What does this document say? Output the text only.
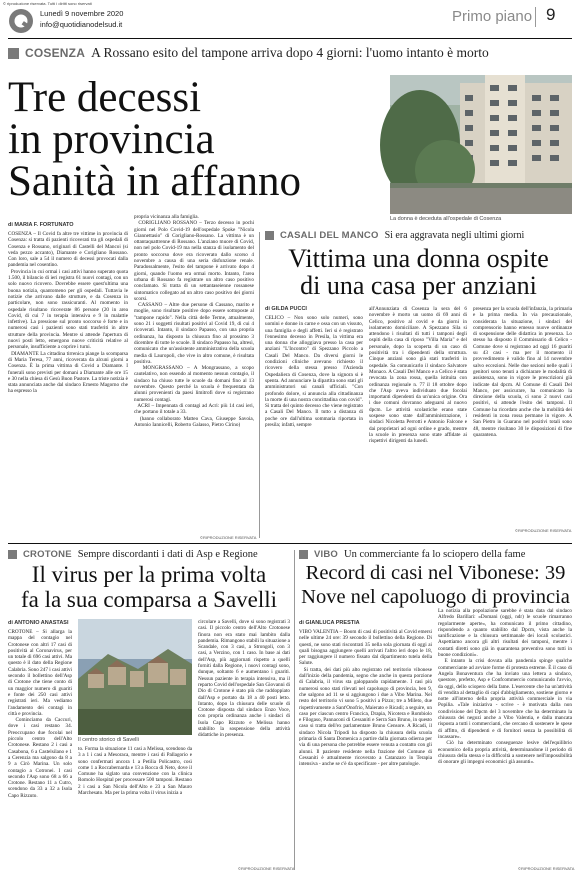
© riproduzione riservata. Tutti i diritti sono riservati
Lunedì 9 novembre 2020
info@quotidianodelsud.it	Primo piano 9
COSENZA A Rossano esito del tampone arriva dopo 4 giorni: l'uomo intanto è morto
Tre decessi
in provincia
Sanità in affanno
La donna è deceduta all'ospedale di Cosenza
di MARIA F. FORTUNATO
COSENZA – Il Covid fa altre tre vittime in provincia di Cosenza: si tratta di pazienti ricoverati tra gli ospedali di Cosenza e Rossano, originari di Castelli del Mancoi (si veda pezzo accanto), Diamante e Corigliano Rossano. Con loro, sale a 54 il numero di decessi provocati dalla pandemia nel cosentino.
Provincia in cui ormai i casi attivi hanno superato quota 1.500, il bilancio di ieri registra 61 nuovi contagi, con un solo nuovo ricovero. Dovrebbe essere quest'ultima una buona notizia, quantomeno per gli ospedali. Tuttavia le notizie che arrivano dalle strutture, e da Cosenza in particolare, non sono rassicuranti. Al momento in ospedale risultano ricoverate 86 persone (20 in area Covid, di cui 7 in terapia intensiva e 9 in malattie infettive). La pressione sul pronto soccorso è forte e in numerosi casi i pazienti sono stati trasferiti in altre strutture della provincia. Mentre si attende l'apertura di nuovi posti letto, emergono nuove criticità relative al personale, insufficiente a coprire i turni.
DIAMANTE La cittadina tirrenica piange la scomparsa di Maria Teresa, 77 anni, ricoverata da alcuni giorni a Cosenza. È la prima vittima di Covid a Diamante. I funerali sono previsti per domani a Diamante alle ore 15 e 30 nella chiesa di Gesù Buon Pastore. La triste notizia è stata annunciata anche dal sindaco Ernesto Magorno che ha espresso la
propria vicinanza alla famiglia.
CORIGLIANO ROSSANO – Terzo decesso in pochi giorni nel Polo Covid-19 dell'ospedale Spoke "Nicola Giannettasio" di Corigliano-Rossano. La vittima è un ottantaquattrenne di Rossano. L'anziano muore di Covid, non nel polo Covid-19 ma nella stanza di isolamento del pronto soccorso dove era ricoverato dallo scorso 4 novembre a causa di una seria disfunzione renale. Paradossalmente, l'esito del tampone è arrivato dopo 4 giorni, quando l'uomo era ormai morto. Intanto, l'area urbana di Rossano fa registrare un altro caso positivo conclamato. Si tratta di un settantaseienne rossanese sintomatico collegato ad un altro caso positivo dei giorni scorsi.
CASSANO – Altre due persone di Cassano, marito e moglie, sono risultate positive dopo essere sottoposte al "tampone rapido". Nella città delle Terme, attualmente, sono 21 i soggetti risultati positivi al Covid 19, di cui 4 ricoverati. Intanto, il sindaco Papasso, con una propria ordinanza, ha disposto la chiusura fino al prossimo 3 dicembre di tutte le scuole. Il sindaco Papasso ha, altresì, comunicato che un'assistente amministrativa della scuola media di Lauropoli, che vive in altro comune, è risultata positiva.
MONGRASSANO – A Mongrassano, a scopo cautelativo, non essendo al momento nessun contagio, il sindaco ha chiuso tutte le scuole da domani fino al 13 novembre. Questo perché la scuola è frequentata da alunni provenienti da paesi limitrofi dove si registrano numerosi contagi.
ACRI – Impennata di contagi ad Acri: più 14 casi ieri, che portano il totale a 33.
(hanno collaborato Matteo Cava, Giuseppe Savoia, Antonio Iannicelli, Roberto Galasso, Pietro Cirino)
©RIPRODUZIONE RISERVATA
CASALI DEL MANCO Si era aggravata negli ultimi giorni
Vittima una donna ospite
di una casa per anziani
di GILDA PUCCI
CELICO – Non sono solo numeri, sono uomini e donne in carne e ossa con un vissuto, una famiglia e degli affetti. Ieri si è registrato l'ennesimo decesso in Presila, la vittima era una donna che alloggiava presso la casa per anziani "L'Incontro" di Spezzano Piccolo a Casali Del Manco. Da diversi giorni le condizioni cliniche avevano richiesto il ricovero della stessa presso l'Azienda Ospedaliera di Cosenza, dove la signora si è spenta. Ad annunciare la dipartita sono stati gli amministratori sui canali ufficiali. "Con profondo dolore, si annuncia alla cittadinanza la morte di una nostra concittadina con covid". Si tratta del quinto decesso che viene registrato a Casali Del Manco. Il tutto a distanza di poche ore dall'ultima sommaria riportata in presila; infatti, sempre
all'Annunziata di Cosenza la sera del 6 novembre è morto un uomo di 69 anni di Celico, positivo al covid e da giorni in isolamento domiciliare. A Spezzano Sila si attendono i risultati di tutti i tamponi degli ospiti della casa di riposo "Villa Maria" e del personale, dopo la scoperta di un caso di positività tra i dipendenti della struttura. Cinque anziani sono già stati trasferiti in ospedale. Sa comunicarlo il sindaco Salvatore Monaco. A Casali Del Manco e a Celico è stata revocata la zona rossa, quella istituita con ordinanza regionale n. 77 il 18 ottobre dopo che l'Asp aveva individuato due focolai importanti dipendenti da un'unica origine. Ora i due comuni dovranno adeguarsi al nuovo dpcm. Le attività scolastiche erano state sospese sono state dall'amministrazione, i sindaci Nicoletta Perrotti e Antonio Falcone e dai proprietari ad ogni ordine e grado, mentre la scuole in presenza sono state affidate ai rispettivi dirigenti da lunedì.
presenza per la scuola dell'infanzia, la primaria e la prima media. In via precauzionale, considerata la situazione, i sindaci del comprensorio hanno emesso nuove ordinanze di sospensione delle didattica in presenza. Lo stesso ha disposto il Commissario di Celico - Comune dove si registrano ad oggi 16 guariti su 43 casi - ma per il momento il provvedimento è valido fino al 14 novembre salvo eccezioni. Nelle due sezioni nelle quali i genitori sono tenuti a dichiarare le modalità di assistenza, sono in vigore le prescrizioni già indicate dal dpcm. Al Comune di Casali Del Manco, per assicurare, ha comunicato la direzione della scuola, ci sono 2 nuovi casi positivi, si attende l'esito dei tamponi. Il Comune ha ricordato anche che la mobilità dei residenti in zona rossa permane in vigore. A San Pietro in Guarano nel positivi totali sono 48, mentre risultano 30 le disposizioni di fine quarantena.
©RIPRODUZIONE RISERVATA
CROTONE Sempre discordanti i dati di Asp e Regione
Il virus per la prima volta
fa la sua comparsa a Savelli
di ANTONIO ANASTASI
CROTONE – Si allarga la mappa del contagio nel Crotonese con altri 17 casi di positività al Coronavirus, per un totale di 696 casi attivi. Ma questo è il dato della Regione Calabria. Sono 247 i casi attivi secondo il bollettino dell'Asp di Crotone che tiene conto di un maggior numero di guariti e fonte dei 250 casi attivi registrati ieri. Ma vediamo l'andamento dei contagi in città e provincia.
Cominciamo da Caccuri, dove i casi restano 34. Preoccupano due focolai nel piccolo centro dell'Alto Crotonese. Restano 2 i casi a Casabona, 6 a Castelsilano e 1 a Cerenzia ma salgono da 8 a 9 a Cirò Marina. Un solo contagio a Cotronei. I casi secondo l'Asp sono 68 a 66 a Crotone. Restano 11 a Cutro, scendono da 33 a 32 a Isola Capo Rizzuto.
Il centro storico di Savelli
to. Forma la situazione 11 casi a Melissa, scendono da 3 a 1 i casi a Mesoraca, mentre i casi di Pallagorio e sono confermati ancora 1 a Petilia Policastro, così come 1 a Roccabernarda e 13 a Rocca di Neto, dove il Comune ha siglato una convenzione con la clinica Romolo Hospital per processare 500 tamponi. Restano 2 i casi a San Nicola dell'Alto e 23 a San Mauro Marchesato. Ma per la prima volta il virus inizia a
circolare a Savelli, dove si sono registrati 3 casi. Il piccolo centro dell'Alto Crotonese finora non era stato mai lambito dalla pandemia. Rimangono stabili la situazione a Scandale, con 3 casi, a Strongoli, con 3 casi, a Verzino, con 1 caso. In base ai dati dell'Asp, più aggiornati rispetto a quelli forniti dalla Regione, i nuovi contagi sono, dunque, soltanto 6 e aumentano i guariti. Nessun paziente in terapia intensiva, ma il reparto Covid dell'ospedale San Giovanni di Dio di Crotone è stato più che raddoppiato dall'Asp e portato da 18 a 40 posti letto. Intanto, dopo la chiusura delle scuole di Crotone disposta dal sindaco Enzo Voce, con propria ordinanza anche i sindaci di Isola Capo Rizzuto e Melissa hanno stabilito la sospensione della attività didattiche in presenza.
©RIPRODUZIONE RISERVATA
VIBO Un commerciante fa lo sciopero della fame
Record di casi nel Vibonese: 39
Nove nel capoluogo di provincia
di GIANLUCA PRESTIA
VIBO VALENTIA – Boom di casi di positività al Covid emersi nelle ultime 24 ore: 39 secondo il bollettino della Regione. Di questi, ne sono stati riscontrati 35 nella sola giornata di oggi ai quali bisogna aggiungere quelli arrivati l'altro ieri dopo le 18, per raggiungere il numero fissato dal dipartimento tutela della Salute.
Si tratta, dei dati più alto registrato nel territorio vibonese dall'inizio della pandemia, segno che anche in questa porzione di Calabria, il virus sta galoppando rapidamente. I casi più numerosi sono stati rilevati nel capoluogo di provincia, ben 9, che salgono ad 11 se si aggiungono i due a Vibo Marina. Nel resto del territorio vi sono 5 positivi a Pizzo; tre a Mileto, due rispettivamente a Sant'Onofrio, Maierato e Ricadi; a seguire, un caso per ciascun centro Francica, Drapia, Nicotera e Rombiolo e Filogaso, Pannaconi di Cessaniti e Serra San Bruno, in questo caso si tratta dell'ex parlamentare Bruno Censore. A Ricadi, il sindaco Nicola Tripodi ha disposto la chiusura della scuola primaria di Santa Domenica a partire dalla giornata odierna per via di una persona che potrebbe essere venuta a contatto con gli alunni. Il paziente residente nella frazione del Comune di Cessaniti è attualmente ricoverato a Catanzaro in Terapia intensiva - anche se c'è da specificare - per altre patologie.
La notizia alla popolazione sarebbe è stata data dal sindaco Alfredo Barillari: «Domani (oggi, ndr) le scuole rimarranno regolarmente aperte», ha comunicato il primo cittadino, rispondendo a quanto stabilito dal Dpcm, vista anche la sanificazione e la chiusura settimanale dei locali scolastici. Aspettiamo ancora gli altri risultati dei tamponi, mentre i contatti diretti sono già in quarantena preventiva sono tutti in buone condizioni».
E intanto la crisi dovuta alla pandemia spinge qualche commerciante ad avviare forme di protesta estreme. È il caso di Angela Bonaventura che ha inviato una lettera a sindaco, questore, prefetto, Asp e Confcommercio comunicando l'avvio, da oggi, dello sciopero della fame. L'esercente che ha un'attività di vendita al dettaglio di capi d'abbigliamento, sostiene giorno e notte all'interno della propria attività commerciale in via Popilia. «Tale iniziativa - scrive - è motivata dalla non condivisione del Dpcm del 3 novembre che ha determinato la chiusura dei negozi anche a Vibo Valentia, e dalla mancata risposta a tutti i commercianti, che cercano di sostenere le spese di affitto, di dipendenti e di fornitori senza la possibilità di incassare».
Ciò ha determinato conseguenze lesive dell'equilibrio economico della propria attività, determinandone il periodo di chiusura della stessa e la difficoltà a sostenere nell'impossibilità di onorare gli impegni economici già assunti».
©RIPRODUZIONE RISERVATA
